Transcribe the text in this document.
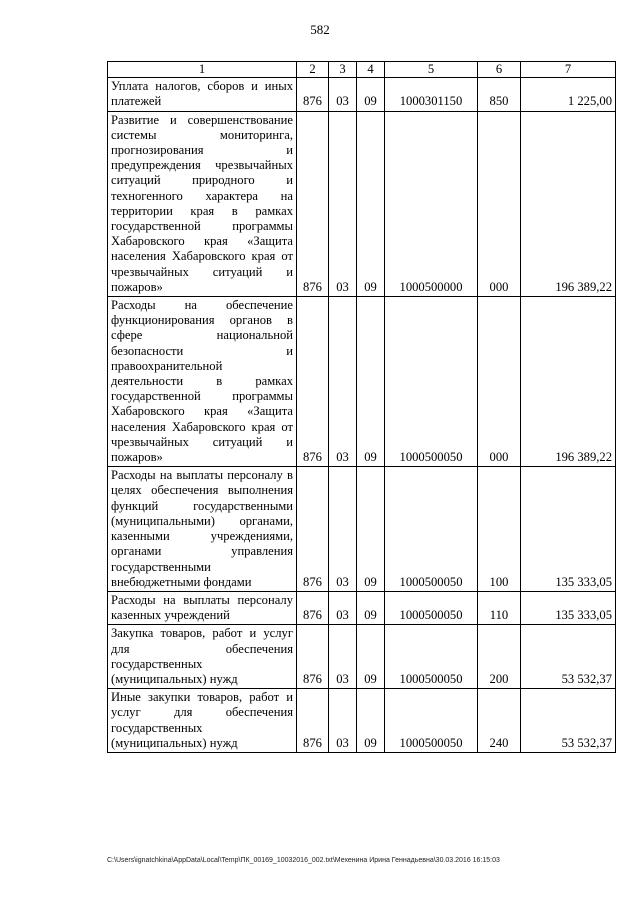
582
1	2	3	4	5	6	7
Уплата налогов, сборов и иных платежей	876	03	09	1000301150	850	1 225,00
Развитие и совершенствование системы мониторинга, прогнозирования и предупреждения чрезвычайных ситуаций природного и техногенного характера на территории края в рамках государственной программы Хабаровского края «Защита населения Хабаровского края от чрезвычайных ситуаций и пожаров»	876	03	09	1000500000	000	196 389,22
Расходы на обеспечение функционирования органов в сфере национальной безопасности и правоохранительной деятельности в рамках государственной программы Хабаровского края «Защита населения Хабаровского края от чрезвычайных ситуаций и пожаров»	876	03	09	1000500050	000	196 389,22
Расходы на выплаты персоналу в целях обеспечения выполнения функций государственными (муниципальными) органами, казенными учреждениями, органами управления государственными внебюджетными фондами	876	03	09	1000500050	100	135 333,05
Расходы на выплаты персоналу казенных учреждений	876	03	09	1000500050	110	135 333,05
Закупка товаров, работ и услуг для обеспечения государственных (муниципальных) нужд	876	03	09	1000500050	200	53 532,37
Иные закупки товаров, работ и услуг для обеспечения государственных (муниципальных) нужд	876	03	09	1000500050	240	53 532,37
C:\Users\ignatchkina\AppData\Local\Temp\ПК_00169_10032016_002.txt\Мехенина Ирина Геннадьевна\30.03.2016 16:15:03
